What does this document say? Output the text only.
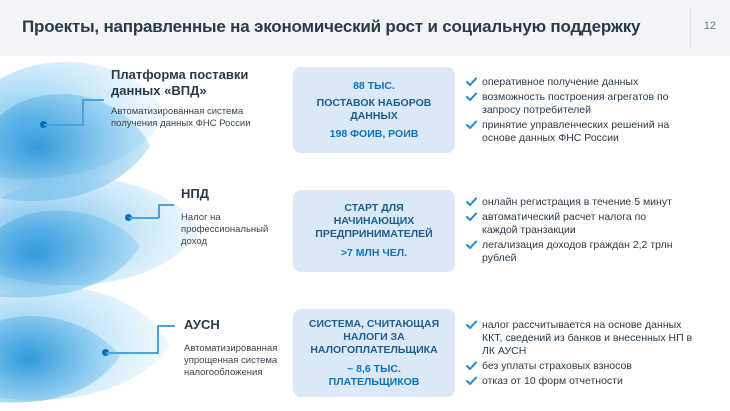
Проекты, направленные на экономический рост и социальную поддержку	12
Платформа поставки
данных «ВПД»
Автоматизированная система
получения данных ФНС России
88 ТЫС.
ПОСТАВОК НАБОРОВ
ДАННЫХ
198 ФОИВ, РОИВ
оперативное получение данных
возможность построения агрегатов по
запросу потребителей
принятие управленческих решений на
основе данных ФНС России
НПД
Налог на
профессиональный
доход
СТАРТ ДЛЯ
НАЧИНАЮЩИХ
ПРЕДПРИНИМАТЕЛЕЙ
>7 МЛН ЧЕЛ.
онлайн регистрация в течение 5 минут
автоматический расчет налога по
каждой транзакции
легализация доходов граждан 2,2 трлн
рублей
АУСН
Автоматизированная
упрощенная система
налогообложения
СИСТЕМА, СЧИТАЮЩАЯ
НАЛОГИ ЗА
НАЛОГОПЛАТЕЛЬЩИКА
~ 8,6 ТЫС.
ПЛАТЕЛЬЩИКОВ
налог рассчитывается на основе данных
ККТ, сведений из банков и внесенных НП в
ЛК АУСН
без уплаты страховых взносов
отказ от 10 форм отчетности
